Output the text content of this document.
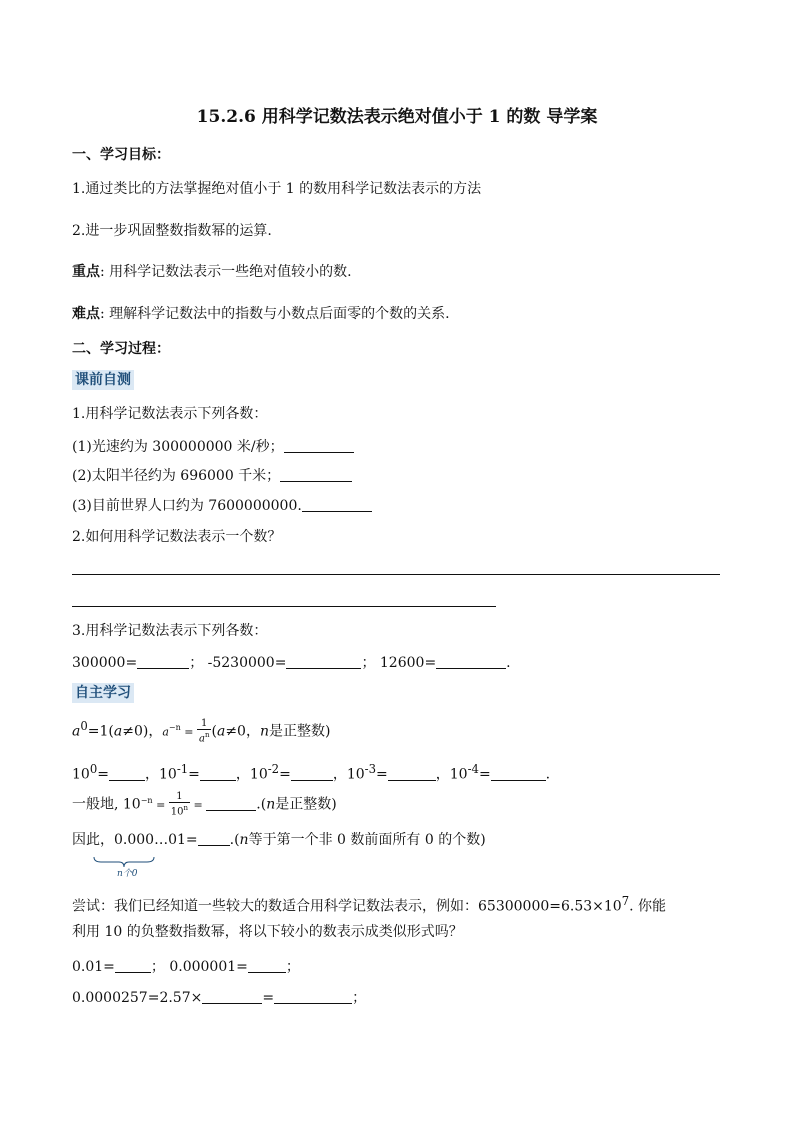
15.2.6 用科学记数法表示绝对值小于 1 的数 导学案
一、学习目标：
1.通过类比的方法掌握绝对值小于 1 的数用科学记数法表示的方法
2.进一步巩固整数指数幂的运算.
重点: 用科学记数法表示一些绝对值较小的数.
难点: 理解科学记数法中的指数与小数点后面零的个数的关系.
二、学习过程：
课前自测
1.用科学记数法表示下列各数：
(1)光速约为 300000000 米/秒；
(2)太阳半径约为 696000 千米；
(3)目前世界人口约为 7600000000.
2.如何用科学记数法表示一个数？
3.用科学记数法表示下列各数：
300000=	； -5230000=	； 12600=	.
自主学习
$a^0=1(a\ne 0)$，$a^{-n} = \frac{1}{a^n} (a\ne 0$，n是正整数)
$10^0=$	，$10^{-1}=$	，$10^{-2}=$	，$10^{-3}=$	，$10^{-4}=$	.
一般地, $10^{-n} = \frac{1}{10^n}$ =	.(n是正整数)
因此，0.000…01= .(n等于第一个非 0 数前面所有 0 的个数)
n个0
尝试：我们已经知道一些较大的数适合用科学记数法表示，例如：$65300000=6.53\times 10^7$. 你能
利用 10 的负整数指数幂，将以下较小的数表示成类似形式吗？
0.01=	； 0.000001=	；
0.0000257=2.57×	=	；
